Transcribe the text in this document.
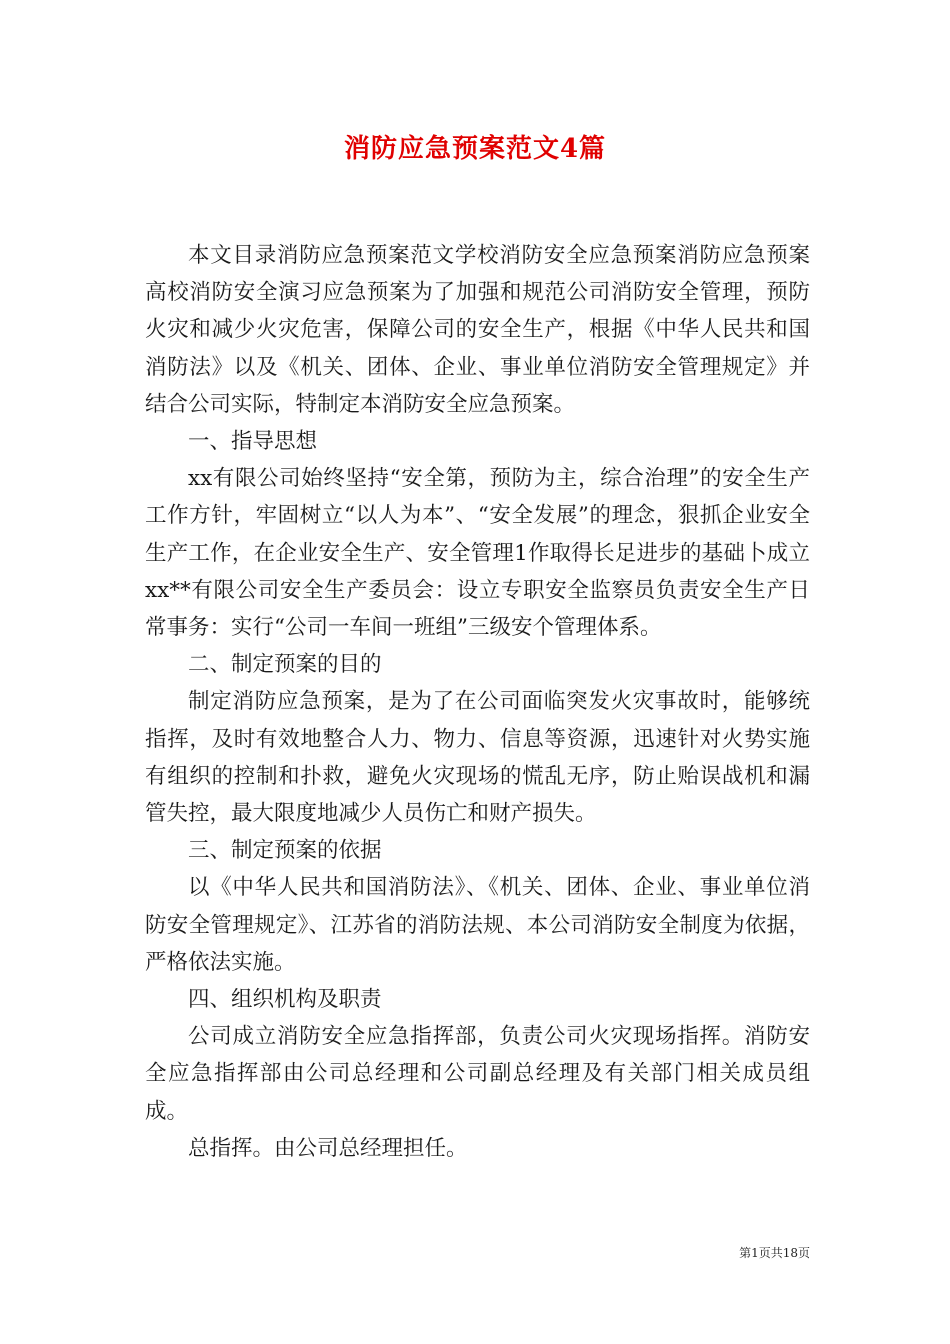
消防应急预案范文4篇

本文目录消防应急预案范文学校消防安全应急预案消防应急预案高校消防安全演习应急预案为了加强和规范公司消防安全管理，预防火灾和减少火灾危害，保障公司的安全生产，根据《中华人民共和国消防法》以及《机关、团体、企业、事业单位消防安全管理规定》并结合公司实际，特制定本消防安全应急预案。

一、指导思想

xx有限公司始终坚持“安全第，预防为主，综合治理”的安全生产工作方针，牢固树立“以人为本”、“安全发展”的理念，狠抓企业安全生产工作，在企业安全生产、安全管理1作取得长足进步的基础卜成立xx**有限公司安全生产委员会：设立专职安全监察员负责安全生产日常事务：实行“公司一车间一班组”三级安个管理体系。

二、制定预案的目的

制定消防应急预案，是为了在公司面临突发火灾事故时，能够统指挥，及时有效地整合人力、物力、信息等资源，迅速针对火势实施有组织的控制和扑救，避免火灾现场的慌乱无序，防止贻误战机和漏管失控，最大限度地减少人员伤亡和财产损失。

三、制定预案的依据

以《中华人民共和国消防法》、《机关、团体、企业、事业单位消防安全管理规定》、江苏省的消防法规、本公司消防安全制度为依据，严格依法实施。

四、组织机构及职责

公司成立消防安全应急指挥部，负责公司火灾现场指挥。消防安全应急指挥部由公司总经理和公司副总经理及有关部门相关成员组成。

总指挥。由公司总经理担任。

第1页共18页
